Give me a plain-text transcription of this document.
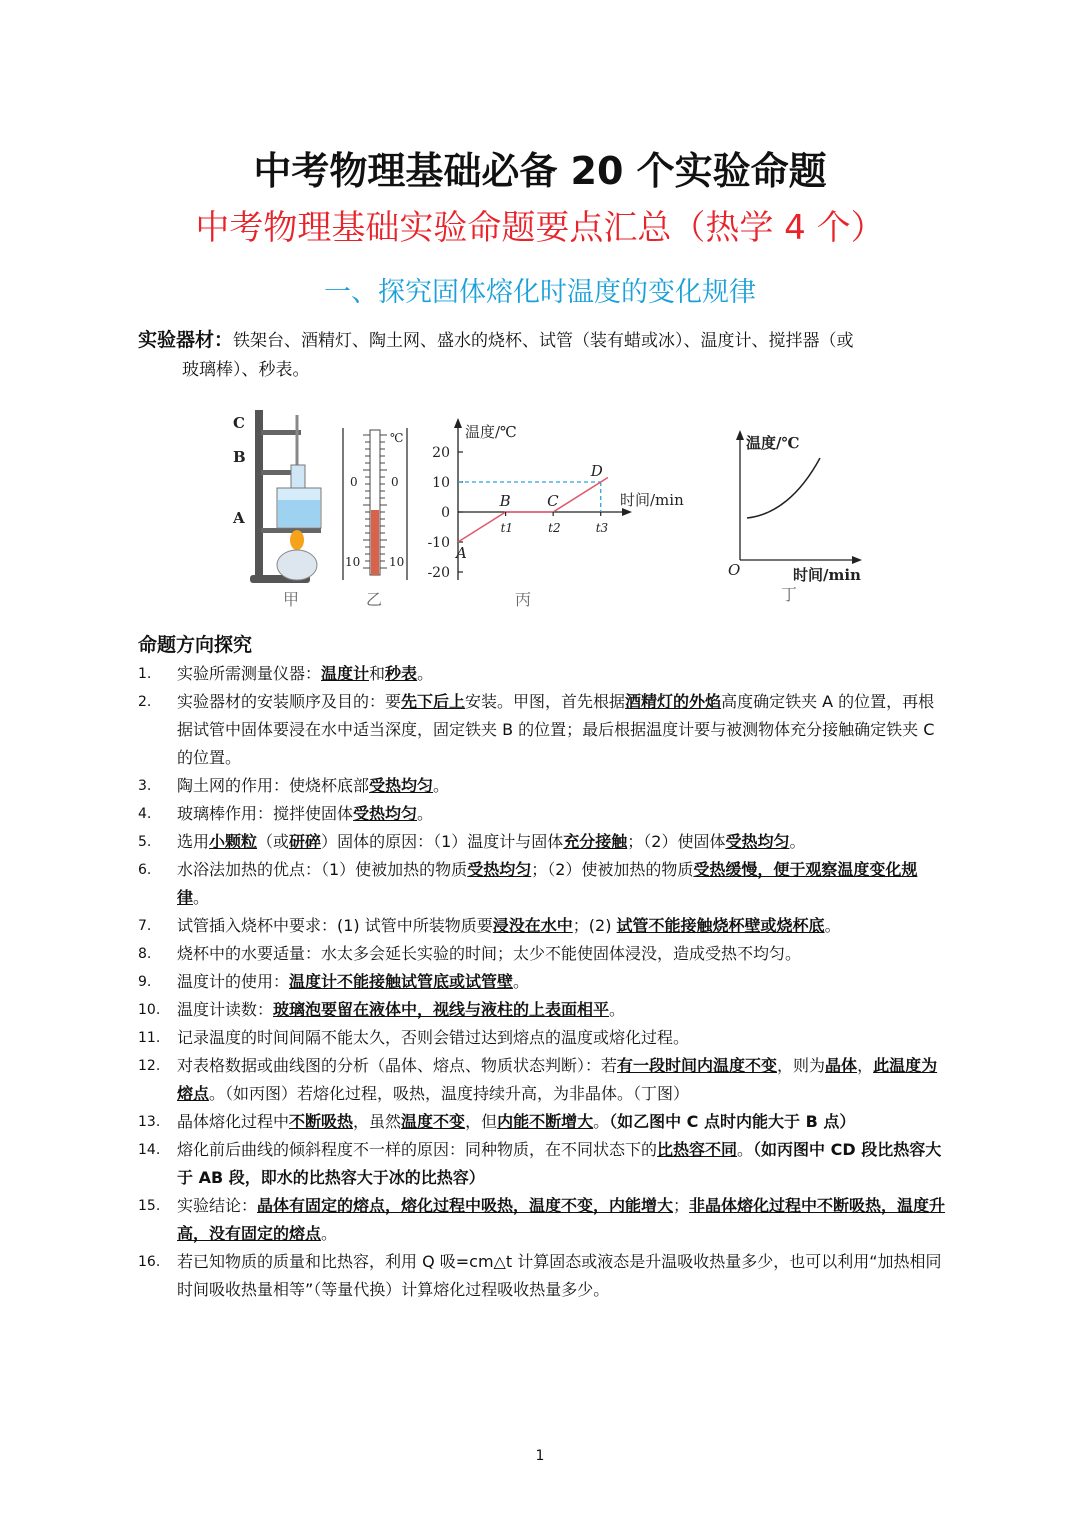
中考物理基础必备 20 个实验命题
中考物理基础实验命题要点汇总（热学 4 个）
一、探究固体熔化时温度的变化规律
实验器材：铁架台、酒精灯、陶土网、盛水的烧杯、试管（装有蜡或冰）、温度计、搅拌器（或
玻璃棒）、秒表。
C
B
A
甲
℃
0	0
10 10
乙
温度/℃
时间/min
20
10
0
-10
-20
t1	t2	t3
A
B C
D
丙
温度/℃
时间/min
O
丁
命题方向探究
1. 实验所需测量仪器：温度计和秒表。
2. 实验器材的安装顺序及目的：要先下后上安装。甲图，首先根据酒精灯的外焰高度确定铁夹 A 的位置，再根据试管中固体要浸在水中适当深度，固定铁夹 B 的位置；最后根据温度计要与被测物体充分接触确定铁夹 C 的位置。
3. 陶土网的作用：使烧杯底部受热均匀。
4. 玻璃棒作用：搅拌使固体受热均匀。
5. 选用小颗粒（或研碎）固体的原因：（1）温度计与固体充分接触；（2）使固体受热均匀。
6. 水浴法加热的优点：（1）使被加热的物质受热均匀；（2）使被加热的物质受热缓慢，便于观察温度变化规律。
7. 试管插入烧杯中要求：(1) 试管中所装物质要浸没在水中；(2) 试管不能接触烧杯壁或烧杯底。
8. 烧杯中的水要适量：水太多会延长实验的时间；太少不能使固体浸没，造成受热不均匀。
9. 温度计的使用：温度计不能接触试管底或试管壁。
10. 温度计读数：玻璃泡要留在液体中，视线与液柱的上表面相平。
11. 记录温度的时间间隔不能太久，否则会错过达到熔点的温度或熔化过程。
12. 对表格数据或曲线图的分析（晶体、熔点、物质状态判断）：若有一段时间内温度不变，则为晶体，此温度为熔点。（如丙图）若熔化过程，吸热，温度持续升高，为非晶体。（丁图）
13. 晶体熔化过程中不断吸热，虽然温度不变，但内能不断增大。（如乙图中 C 点时内能大于 B 点）
14. 熔化前后曲线的倾斜程度不一样的原因：同种物质，在不同状态下的比热容不同。（如丙图中 CD 段比热容大于 AB 段，即水的比热容大于冰的比热容）
15. 实验结论：晶体有固定的熔点，熔化过程中吸热，温度不变，内能增大；非晶体熔化过程中不断吸热，温度升高，没有固定的熔点。
16. 若已知物质的质量和比热容，利用 Q 吸=cm△t 计算固态或液态是升温吸收热量多少，也可以利用“加热相同时间吸收热量相等”（等量代换）计算熔化过程吸收热量多少。
1
